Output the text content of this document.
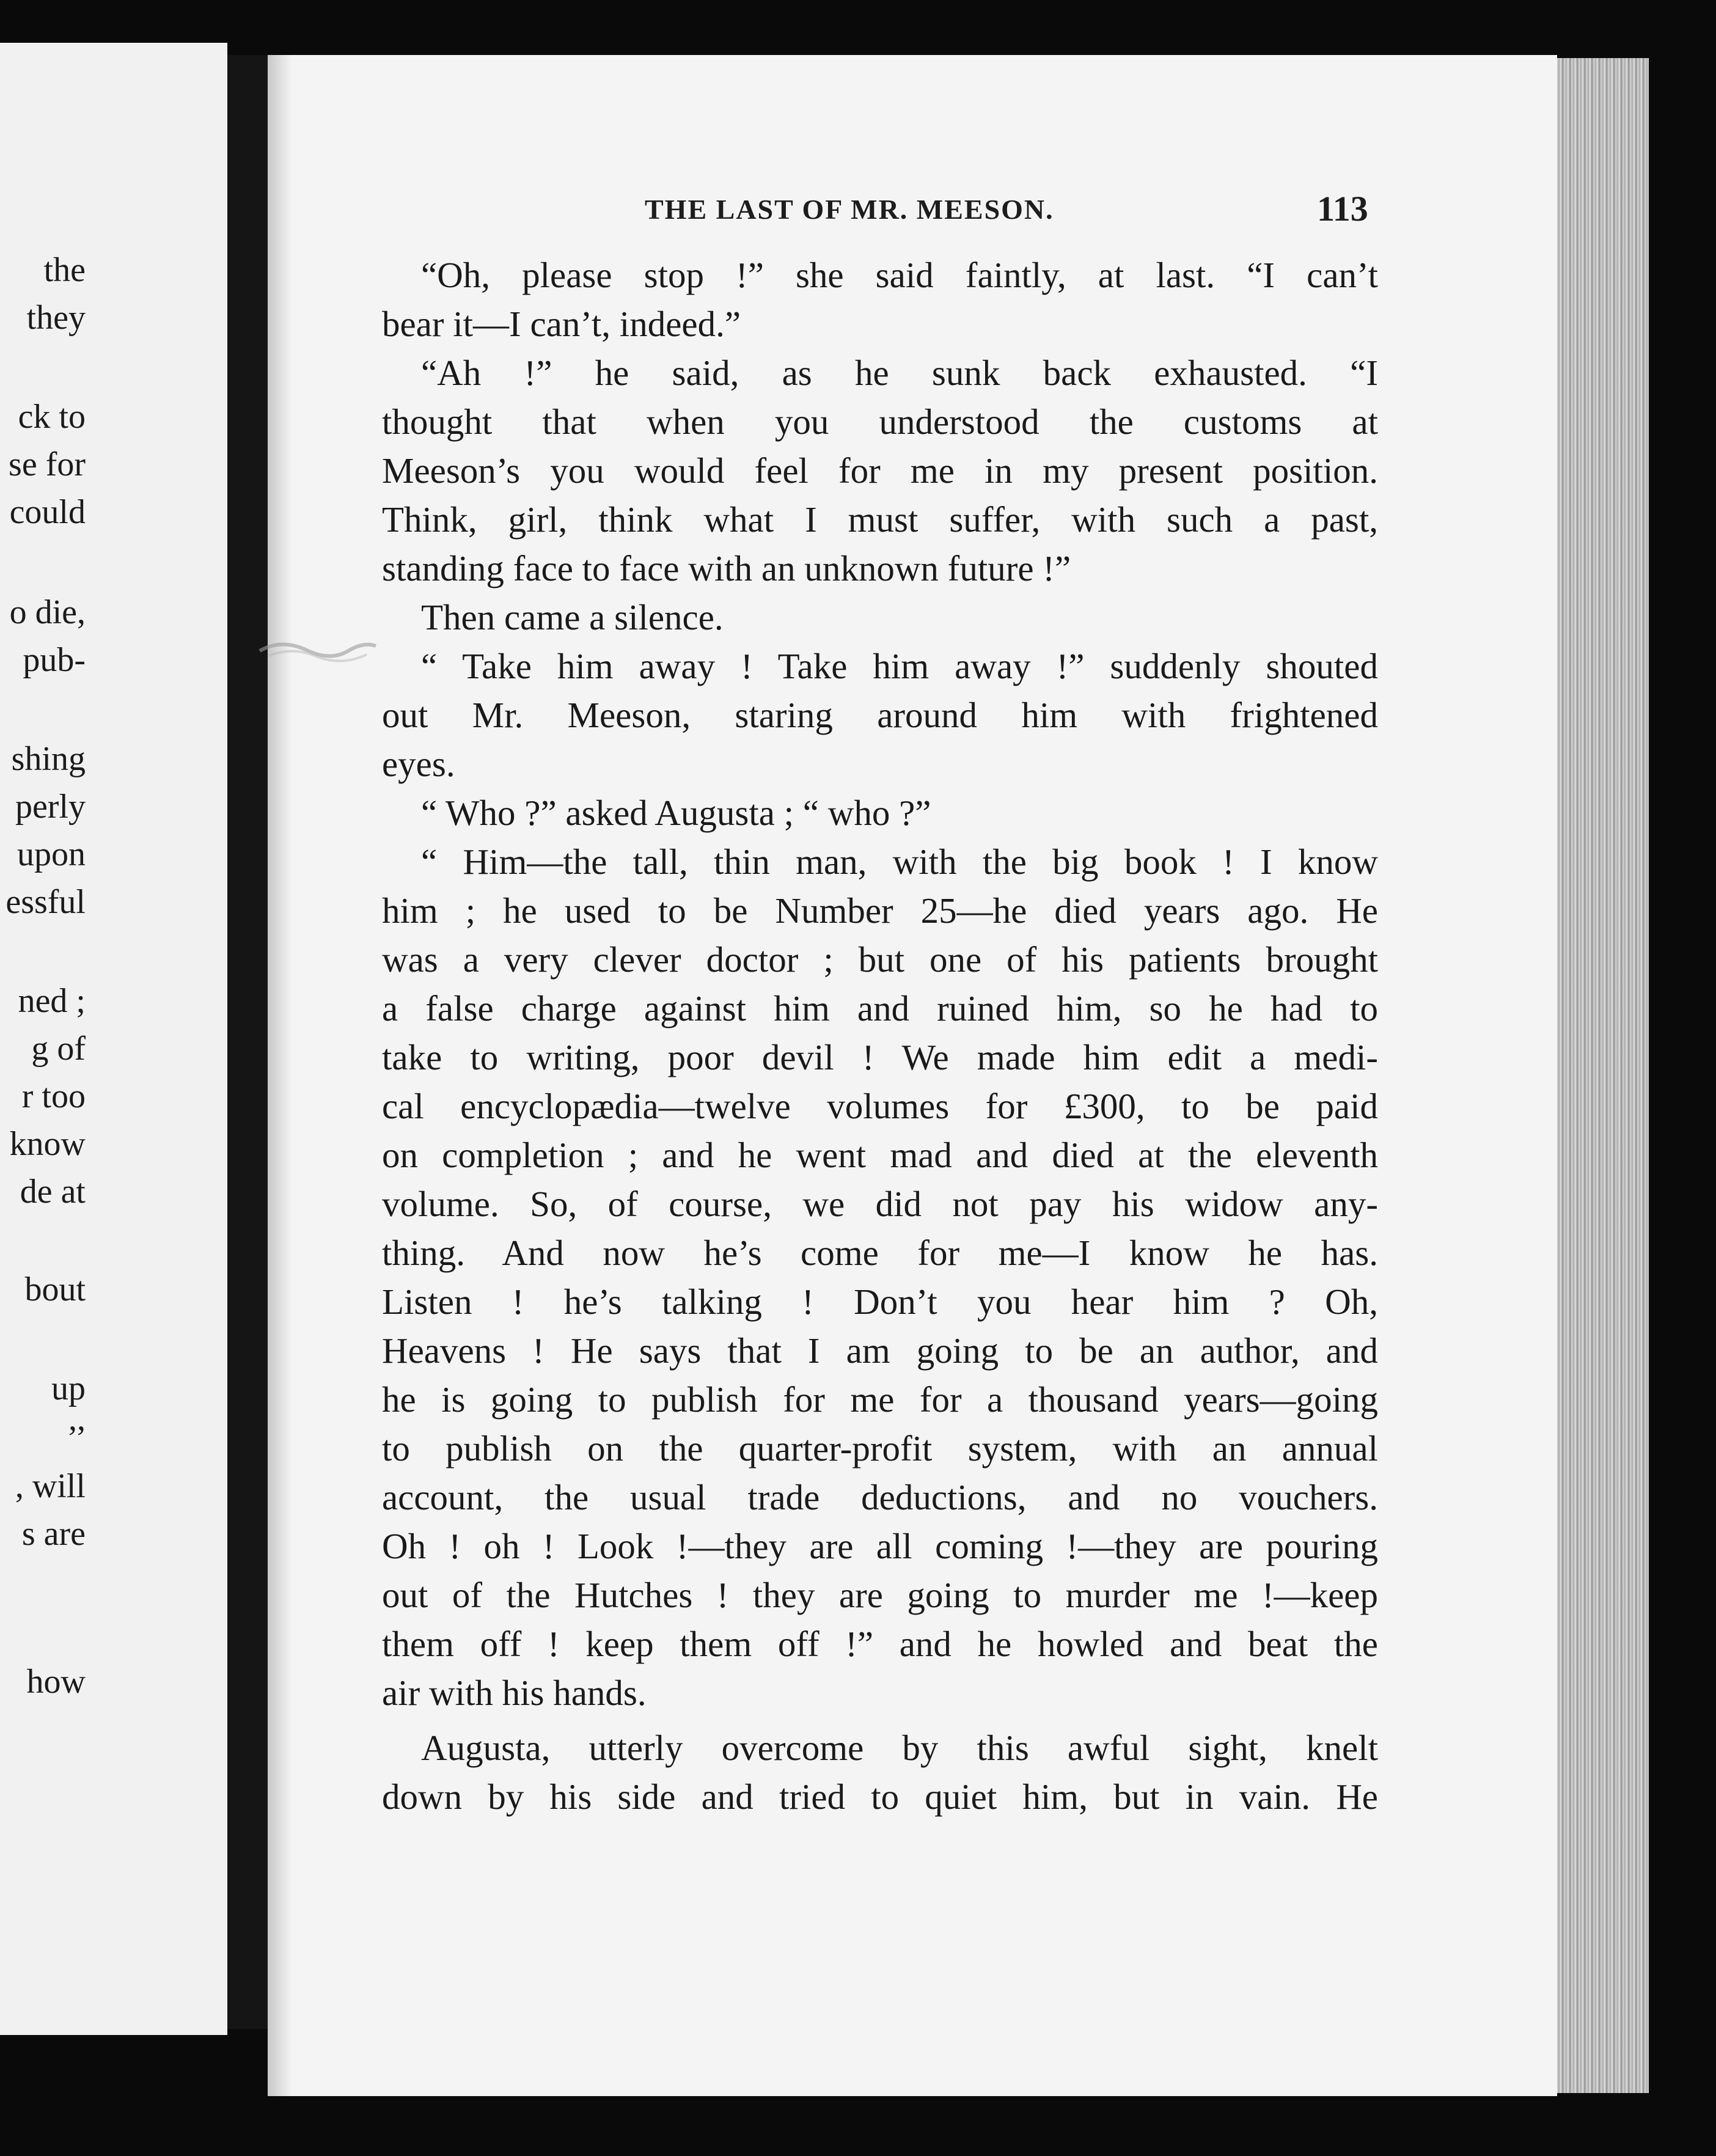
the
they
ck to
se for
could
o die,
pub-
shing
perly
upon
essful
ned ;
g of
r too
know
de at
bout
up
,,
, will
s are
how
THE LAST OF MR. MEESON.	113
“Oh, please stop !” she said faintly, at last. “I can’t
bear it—I can’t, indeed.”
“Ah !” he said, as he sunk back exhausted. “I
thought that when you understood the customs at
Meeson’s you would feel for me in my present position.
Think, girl, think what I must suffer, with such a past,
standing face to face with an unknown future !”
Then came a silence.
“ Take him away ! Take him away !” suddenly shouted
out Mr. Meeson, staring around him with frightened
eyes.
“ Who ?” asked Augusta ; “ who ?”
“ Him—the tall, thin man, with the big book ! I know
him ; he used to be Number 25—he died years ago. He
was a very clever doctor ; but one of his patients brought
a false charge against him and ruined him, so he had to
take to writing, poor devil ! We made him edit a medi-
cal encyclopædia—twelve volumes for £300, to be paid
on completion ; and he went mad and died at the eleventh
volume. So, of course, we did not pay his widow any-
thing. And now he’s come for me—I know he has.
Listen ! he’s talking ! Don’t you hear him ? Oh,
Heavens ! He says that I am going to be an author, and
he is going to publish for me for a thousand years—going
to publish on the quarter-profit system, with an annual
account, the usual trade deductions, and no vouchers.
Oh ! oh ! Look !—they are all coming !—they are pouring
out of the Hutches ! they are going to murder me !—keep
them off ! keep them off !” and he howled and beat the
air with his hands.
Augusta, utterly overcome by this awful sight, knelt
down by his side and tried to quiet him, but in vain. He
